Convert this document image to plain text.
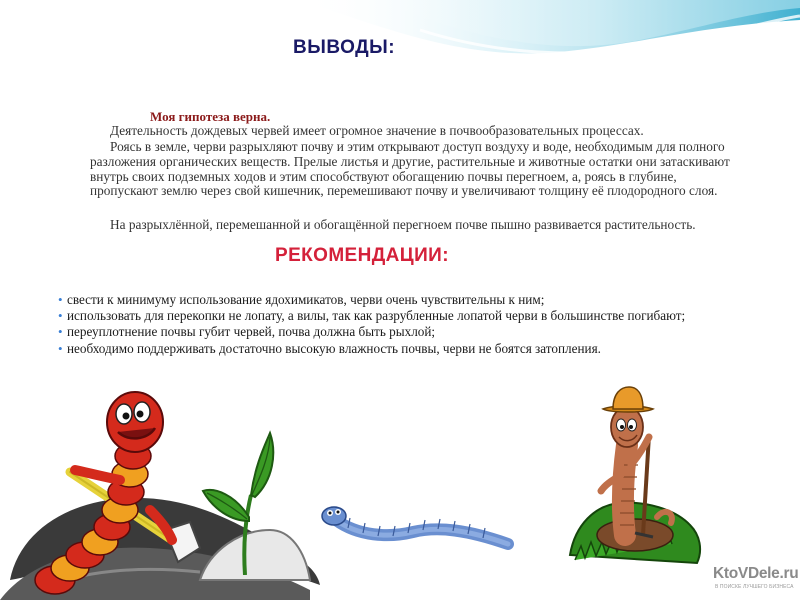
ВЫВОДЫ:
Моя гипотеза верна.

Деятельность дождевых червей имеет огромное значение в почвообразовательных процессах.

Роясь в земле, черви разрыхляют почву и этим открывают доступ воздуху и воде, необходимым для полного разложения органических веществ. Прелые листья и другие, растительные и животные остатки они затаскивают внутрь своих подземных ходов и этим способствуют обогащению почвы перегноем, а, роясь в глубине, пропускают землю через свой кишечник, перемешивают почву и увеличивают толщину её плодородного слоя.

На разрыхлённой, перемешанной и обогащённой перегноем почве пышно развивается растительность.

РЕКОМЕНДАЦИИ:
• свести к минимуму использование ядохимикатов, черви очень чувствительны к ним;
• использовать для перекопки не лопату, а вилы, так как разрубленные лопатой черви в большинстве погибают;
• переуплотнение почвы губит червей, почва должна быть рыхлой;
• необходимо поддерживать достаточно высокую влажность почвы, черви не боятся затопления.
KtoVDele.ru
В ПОИСКЕ ЛУЧШЕГО БИЗНЕСА
